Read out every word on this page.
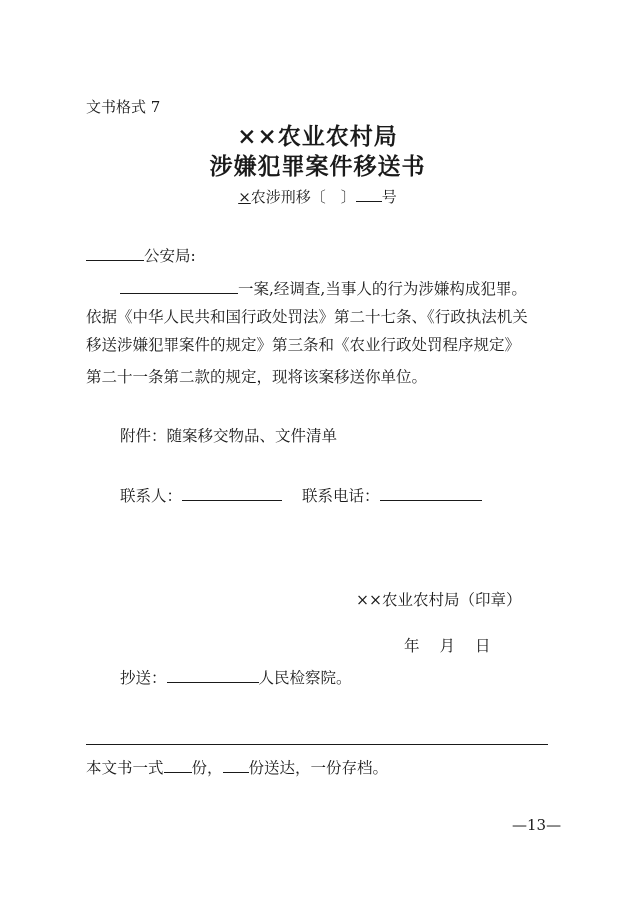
文书格式 7
××农业农村局
涉嫌犯罪案件移送书
×农涉刑移〔　〕 号
公安局:
一案,经调查,当事人的行为涉嫌构成犯罪。
依据《中华人民共和国行政处罚法》第二十七条、《行政执法机关
移送涉嫌犯罪案件的规定》第三条和《农业行政处罚程序规定》
第二十一条第二款的规定，现将该案移送你单位。
附件：随案移交物品、文件清单
联系人：	联系电话：
××农业农村局（印章）
年 月 日
抄送：	人民检察院。
本文书一式 份， 份送达，一份存档。
—13—
